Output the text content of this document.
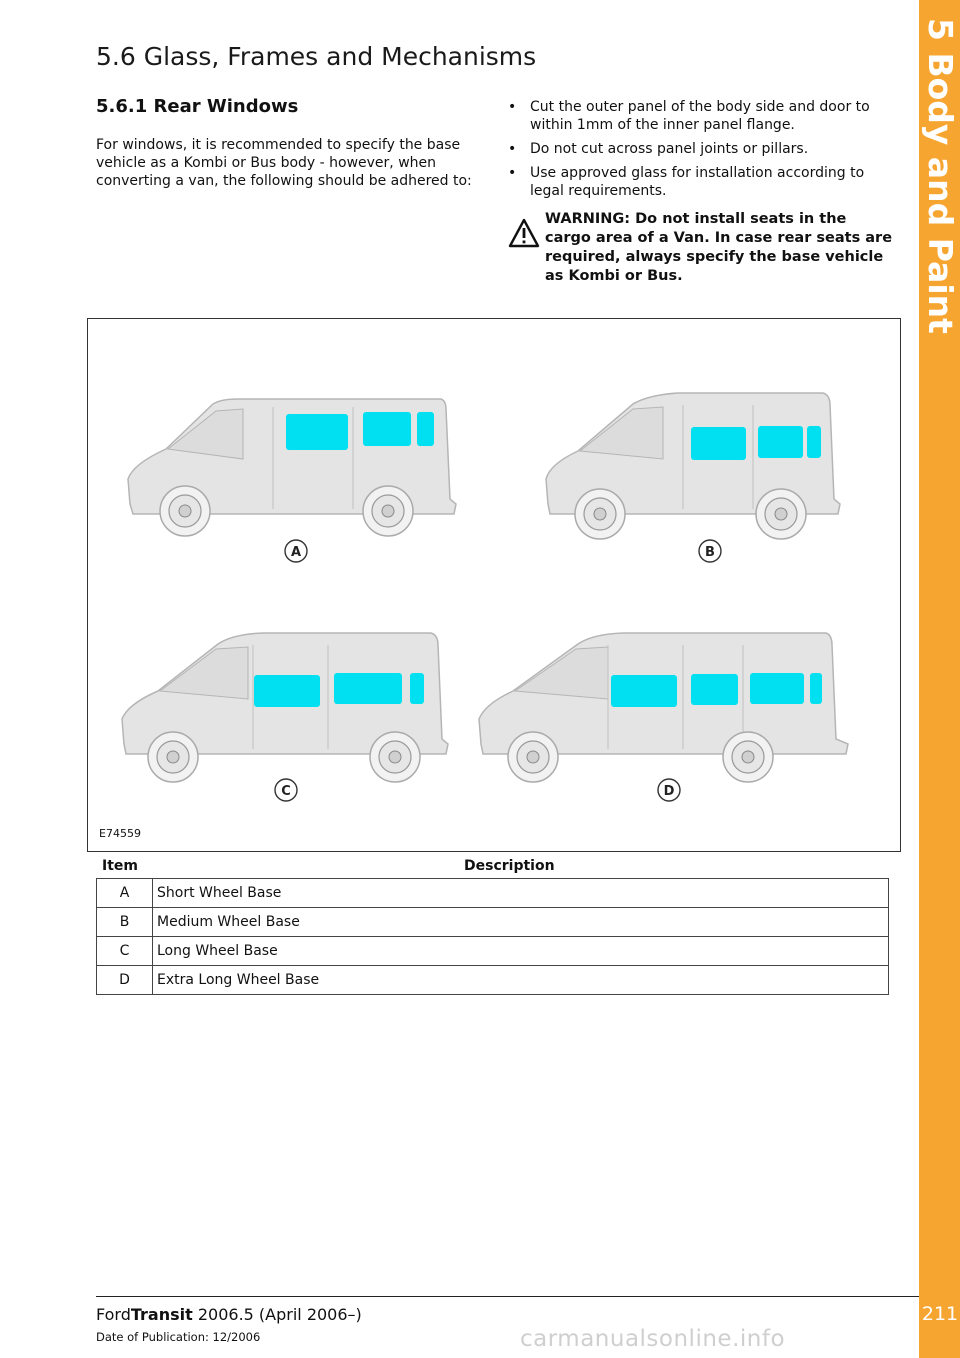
5 Body and Paint
211
5.6 Glass, Frames and Mechanisms
5.6.1 Rear Windows

For windows, it is recommended to specify the base vehicle as a Kombi or Bus body - however, when converting a van, the following should be adhered to:

• Cut the outer panel of the body side and door to within 1mm of the inner panel flange.
• Do not cut across panel joints or pillars.
• Use approved glass for installation according to legal requirements.
WARNING: Do not install seats in the cargo area of a Van. In case rear seats are required, always specify the base vehicle as Kombi or Bus.
A	B
C	D
E74559
Item	Description
A	Short Wheel Base
B	Medium Wheel Base
C	Long Wheel Base
D	Extra Long Wheel Base
FordTransit 2006.5 (April 2006–)
Date of Publication: 12/2006	carmanualsonline.info
